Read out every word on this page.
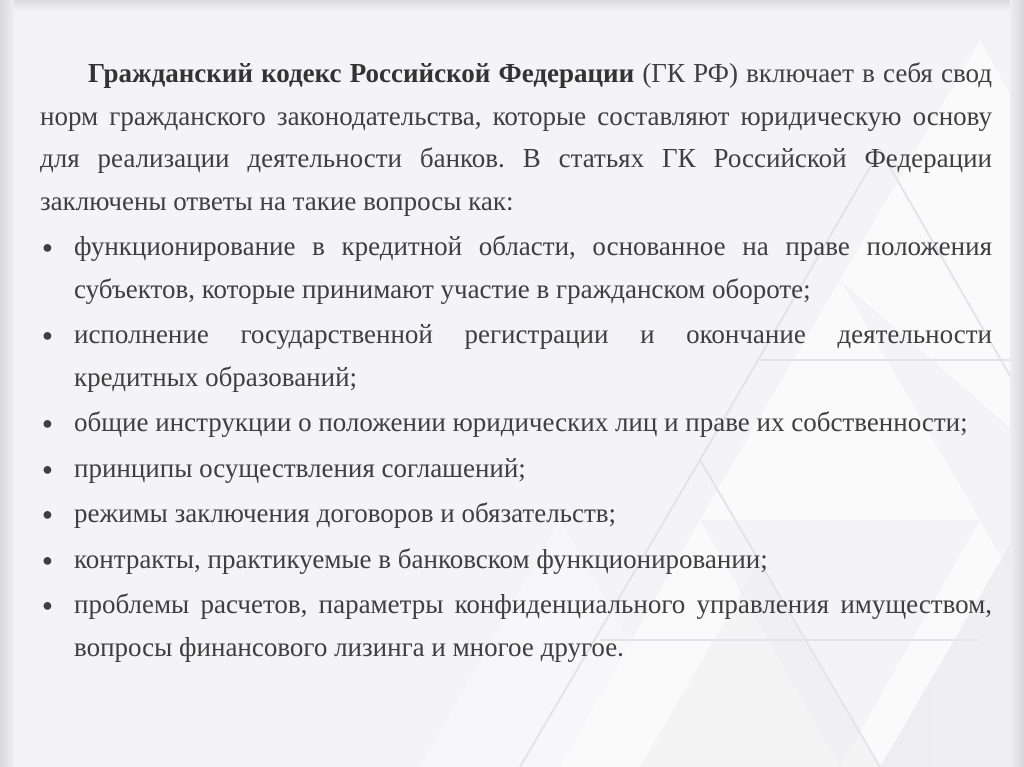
Гражданский кодекс Российской Федерации (ГК РФ) включает в себя свод норм гражданского законодательства, которые составляют юридическую основу для реализации деятельности банков. В статьях ГК Российской Федерации заключены ответы на такие вопросы как:

● функционирование в кредитной области, основанное на праве положения субъектов, которые принимают участие в гражданском обороте;
● исполнение государственной регистрации и окончание деятельности кредитных образований;
● общие инструкции о положении юридических лиц и праве их собственности;
● принципы осуществления соглашений;
● режимы заключения договоров и обязательств;
● контракты, практикуемые в банковском функционировании;
● проблемы расчетов, параметры конфиденциального управления имуществом, вопросы финансового лизинга и многое другое.
